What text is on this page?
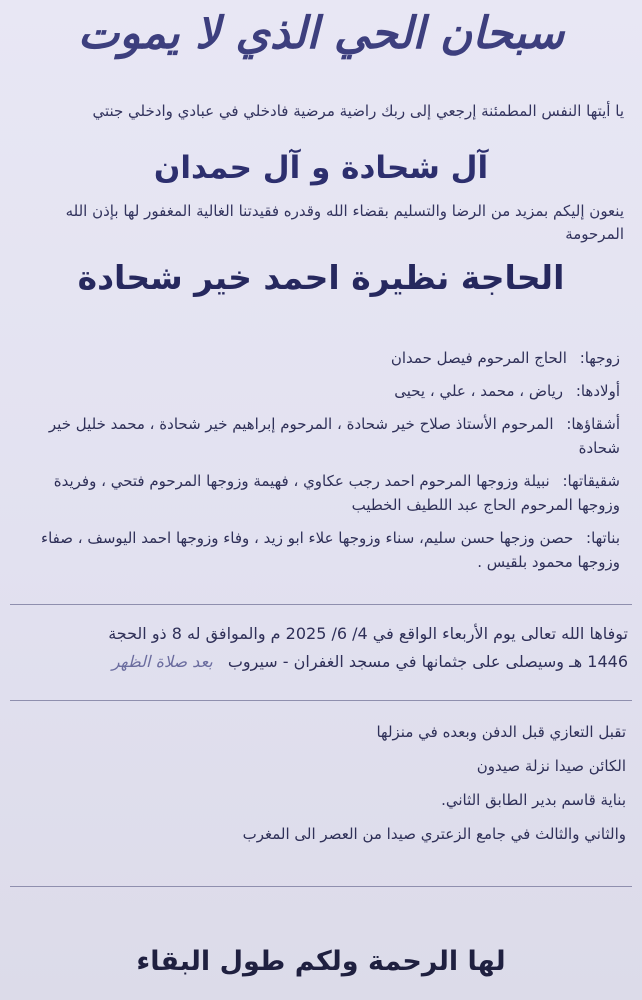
سبحان الحي الذي لا يموت
يا أيتها النفس المطمئنة إرجعي إلى ربك راضية مرضية فادخلي في عبادي وادخلي جنتي
آل شحادة و آل حمدان
ينعون إليكم بمزيد من الرضا والتسليم بقضاء الله وقدره فقيدتنا الغالية المغفور لها بإذن الله المرحومة
الحاجة نظيرة احمد خير شحادة
زوجها: الحاج المرحوم فيصل حمدان
أولادها: رياض ، محمد ، علي ، يحيى
أشقاؤها: المرحوم الأستاذ صلاح خير شحادة ، المرحوم إبراهيم خير شحادة ، محمد خليل خير شحادة
شقيقاتها: نبيلة وزوجها المرحوم احمد رجب عكاوي ، فهيمة وزوجها المرحوم فتحي ، وفريدة وزوجها المرحوم الحاج عبد اللطيف الخطيب
بناتها: حصن وزجها حسن سليم، سناء وزوجها علاء ابو زيد ، وفاء وزوجها احمد اليوسف ، صفاء وزوجها محمود بلقيس .
توفاها الله تعالى يوم الأربعاء الواقع في 4/ 6/ 2025 م والموافق له 8 ذو الحجة
1446 هـ وسيصلى على جثمانها في مسجد الغفران - سيروب بعد صلاة الظهر
تقبل التعازي قبل الدفن وبعده في منزلها
الكائن صيدا نزلة صيدون
بناية قاسم بدير الطابق الثاني.
والثاني والثالث في جامع الزعتري صيدا من العصر الى المغرب
لها الرحمة ولكم طول البقاء
